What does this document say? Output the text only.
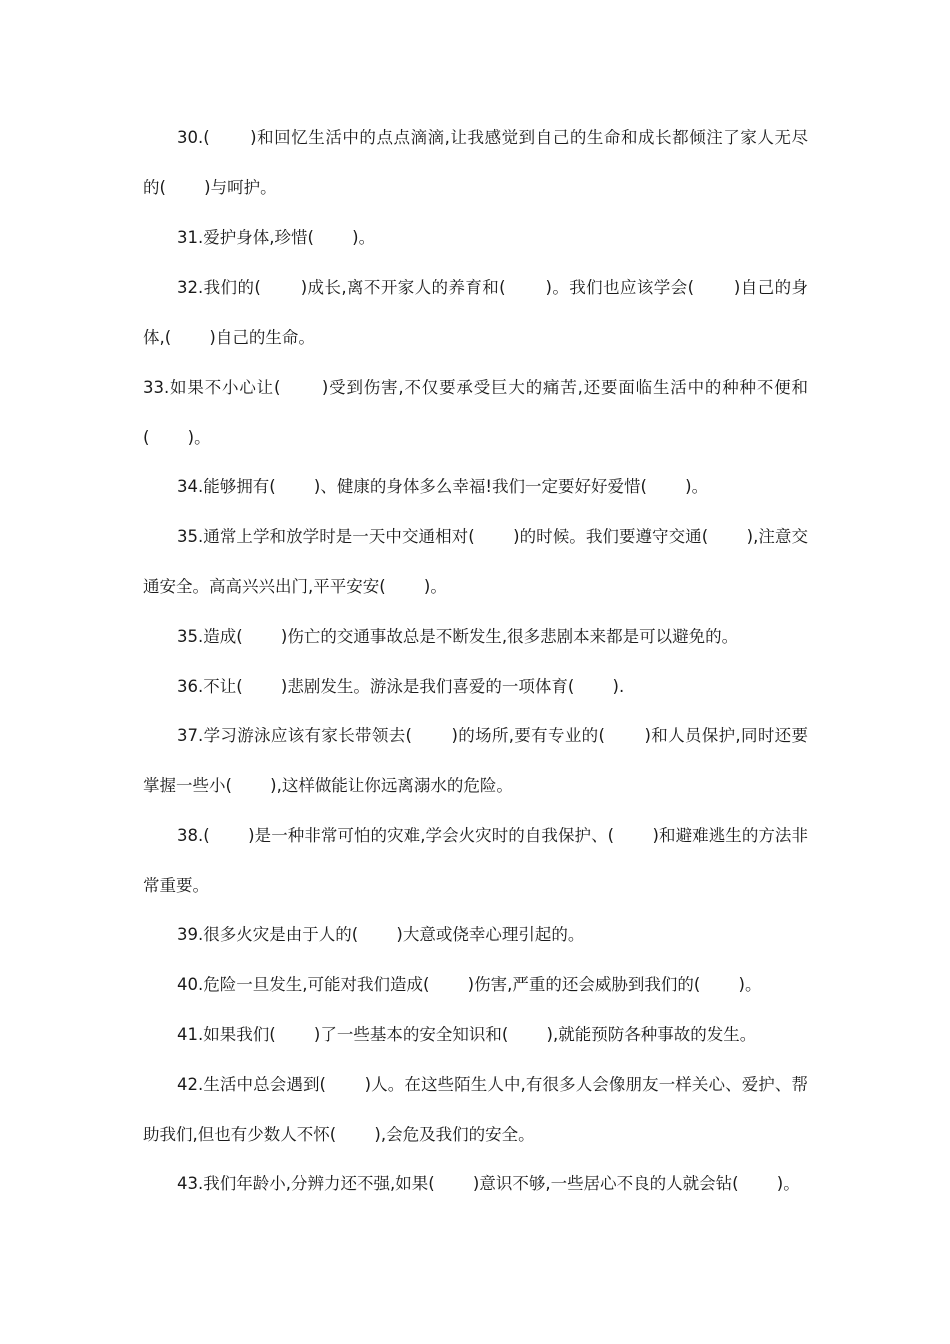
30.(　　 )和回忆生活中的点点滴滴,让我感觉到自己的生命和成长都倾注了家人无尽
的(　　 )与呵护。
31.爱护身体,珍惜(　　 )。
32.我们的(　　 )成长,离不开家人的养育和(　　 )。我们也应该学会(　　 )自己的身
体,(　　 )自己的生命。
33.如果不小心让(　　 )受到伤害,不仅要承受巨大的痛苦,还要面临生活中的种种不便和
(　　 )。
34.能够拥有(　　 )、健康的身体多么幸福!我们一定要好好爱惜(　　 )。
35.通常上学和放学时是一天中交通相对(　　 )的时候。我们要遵守交通(　　 ),注意交
通安全。高高兴兴出门,平平安安(　　 )。
35.造成(　　 )伤亡的交通事故总是不断发生,很多悲剧本来都是可以避免的。
36.不让(　　 )悲剧发生。游泳是我们喜爱的一项体育(　　 ).
37.学习游泳应该有家长带领去(　　 )的场所,要有专业的(　　 )和人员保护,同时还要
掌握一些小(　　 ),这样做能让你远离溺水的危险。
38.(　　 )是一种非常可怕的灾难,学会火灾时的自我保护、(　　 )和避难逃生的方法非
常重要。
39.很多火灾是由于人的(　　 )大意或侥幸心理引起的。
40.危险一旦发生,可能对我们造成(　　 )伤害,严重的还会威胁到我们的(　　 )。
41.如果我们(　　 )了一些基本的安全知识和(　　 ),就能预防各种事故的发生。
42.生活中总会遇到(　　 )人。在这些陌生人中,有很多人会像朋友一样关心、爱护、帮
助我们,但也有少数人不怀(　　 ),会危及我们的安全。
43.我们年龄小,分辨力还不强,如果(　　 )意识不够,一些居心不良的人就会钻(　　 )。
